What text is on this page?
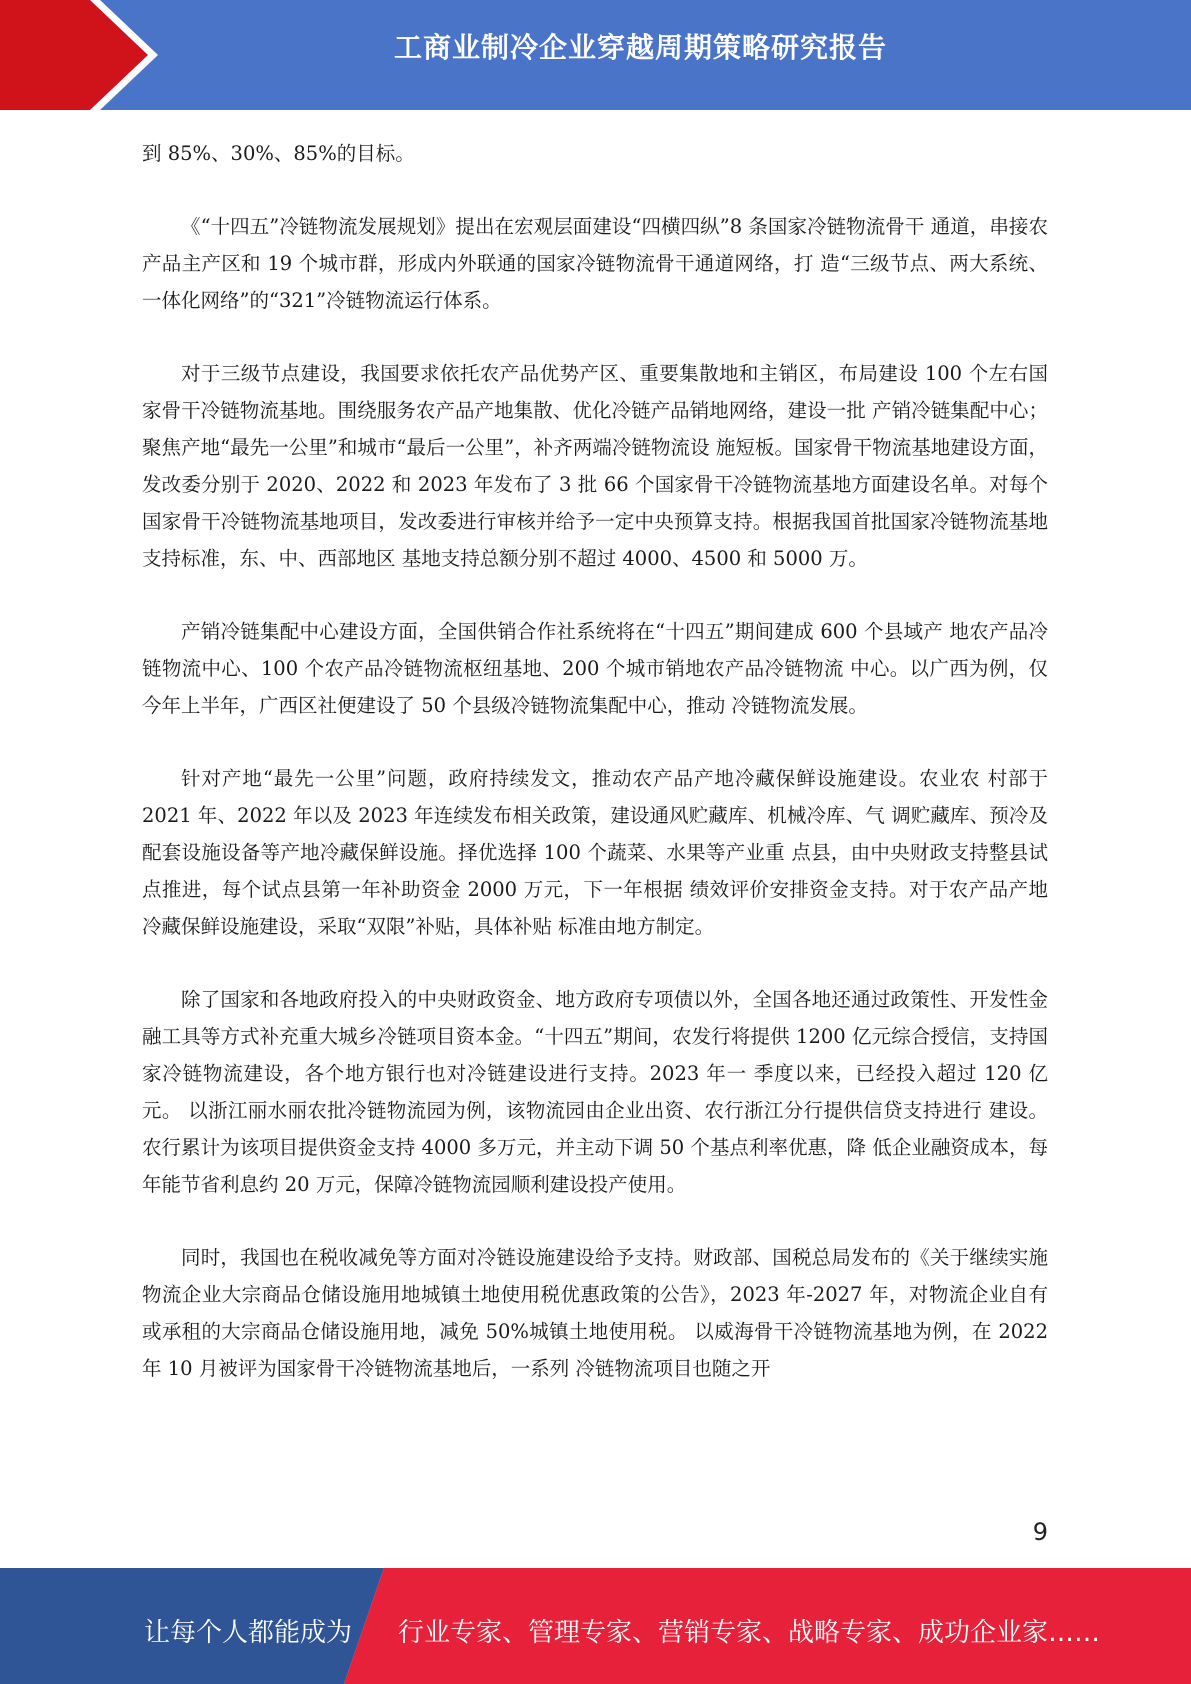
工商业制冷企业穿越周期策略研究报告

到 85%、30%、85%的目标。

《“十四五”冷链物流发展规划》提出在宏观层面建设“四横四纵”8 条国家冷链物流骨干 通道，串接农产品主产区和 19 个城市群，形成内外联通的国家冷链物流骨干通道网络，打 造“三级节点、两大系统、一体化网络”的“321”冷链物流运行体系。

对于三级节点建设，我国要求依托农产品优势产区、重要集散地和主销区，布局建设 100 个左右国家骨干冷链物流基地。围绕服务农产品产地集散、优化冷链产品销地网络，建设一批 产销冷链集配中心；聚焦产地“最先一公里”和城市“最后一公里”，补齐两端冷链物流设 施短板。国家骨干物流基地建设方面，发改委分别于 2020、2022 和 2023 年发布了 3 批 66 个国家骨干冷链物流基地方面建设名单。对每个国家骨干冷链物流基地项目，发改委进行审核并给予一定中央预算支持。根据我国首批国家冷链物流基地支持标准，东、中、西部地区 基地支持总额分别不超过 4000、4500 和 5000 万。

产销冷链集配中心建设方面，全国供销合作社系统将在“十四五”期间建成 600 个县域产 地农产品冷链物流中心、100 个农产品冷链物流枢纽基地、200 个城市销地农产品冷链物流 中心。以广西为例，仅今年上半年，广西区社便建设了 50 个县级冷链物流集配中心，推动 冷链物流发展。

针对产地“最先一公里”问题，政府持续发文，推动农产品产地冷藏保鲜设施建设。农业农 村部于 2021 年、2022 年以及 2023 年连续发布相关政策，建设通风贮藏库、机械冷库、气 调贮藏库、预冷及配套设施设备等产地冷藏保鲜设施。择优选择 100 个蔬菜、水果等产业重 点县，由中央财政支持整县试点推进，每个试点县第一年补助资金 2000 万元，下一年根据 绩效评价安排资金支持。对于农产品产地冷藏保鲜设施建设，采取“双限”补贴，具体补贴 标准由地方制定。

除了国家和各地政府投入的中央财政资金、地方政府专项债以外，全国各地还通过政策性、开发性金融工具等方式补充重大城乡冷链项目资本金。“十四五”期间，农发行将提供 1200 亿元综合授信，支持国家冷链物流建设，各个地方银行也对冷链建设进行支持。2023 年一 季度以来，已经投入超过 120 亿元。 以浙江丽水丽农批冷链物流园为例，该物流园由企业出资、农行浙江分行提供信贷支持进行 建设。农行累计为该项目提供资金支持 4000 多万元，并主动下调 50 个基点利率优惠，降 低企业融资成本，每年能节省利息约 20 万元，保障冷链物流园顺利建设投产使用。

同时，我国也在税收减免等方面对冷链设施建设给予支持。财政部、国税总局发布的《关于继续实施物流企业大宗商品仓储设施用地城镇土地使用税优惠政策的公告》，2023 年-2027 年，对物流企业自有或承租的大宗商品仓储设施用地，减免 50%城镇土地使用税。 以威海骨干冷链物流基地为例，在 2022 年 10 月被评为国家骨干冷链物流基地后，一系列 冷链物流项目也随之开

9
让每个人都能成为 行业专家、管理专家、营销专家、战略专家、成功企业家……
